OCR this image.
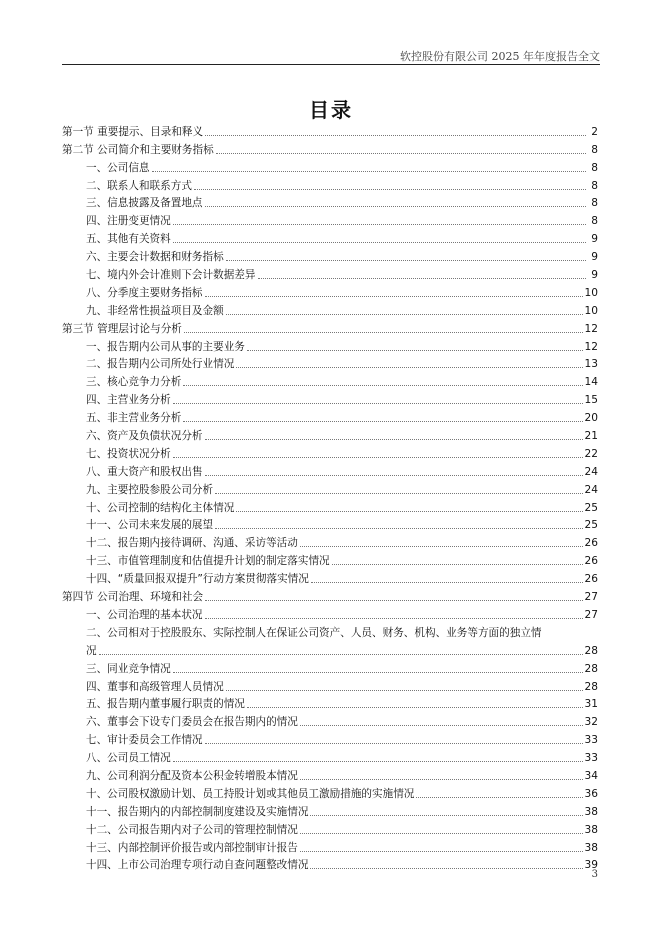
软控股份有限公司 2025 年年度报告全文
目录
第一节 重要提示、目录和释义	2
第二节 公司简介和主要财务指标	8
一、公司信息	8
二、联系人和联系方式	8
三、信息披露及备置地点	8
四、注册变更情况	8
五、其他有关资料	9
六、主要会计数据和财务指标	9
七、境内外会计准则下会计数据差异	9
八、分季度主要财务指标	10
九、非经常性损益项目及金额	10
第三节 管理层讨论与分析	12
一、报告期内公司从事的主要业务	12
二、报告期内公司所处行业情况	13
三、核心竞争力分析	14
四、主营业务分析	15
五、非主营业务分析	20
六、资产及负债状况分析	21
七、投资状况分析	22
八、重大资产和股权出售	24
九、主要控股参股公司分析	24
十、公司控制的结构化主体情况	25
十一、公司未来发展的展望	25
十二、报告期内接待调研、沟通、采访等活动	26
十三、市值管理制度和估值提升计划的制定落实情况	26
十四、“质量回报双提升”行动方案贯彻落实情况	26
第四节 公司治理、环境和社会	27
一、公司治理的基本状况	27
二、公司相对于控股股东、实际控制人在保证公司资产、人员、财务、机构、业务等方面的独立情
况	28
三、同业竞争情况	28
四、董事和高级管理人员情况	28
五、报告期内董事履行职责的情况	31
六、董事会下设专门委员会在报告期内的情况	32
七、审计委员会工作情况	33
八、公司员工情况	33
九、公司利润分配及资本公积金转增股本情况	34
十、公司股权激励计划、员工持股计划或其他员工激励措施的实施情况	36
十一、报告期内的内部控制制度建设及实施情况	38
十二、公司报告期内对子公司的管理控制情况	38
十三、内部控制评价报告或内部控制审计报告	38
十四、上市公司治理专项行动自查问题整改情况	39
3
